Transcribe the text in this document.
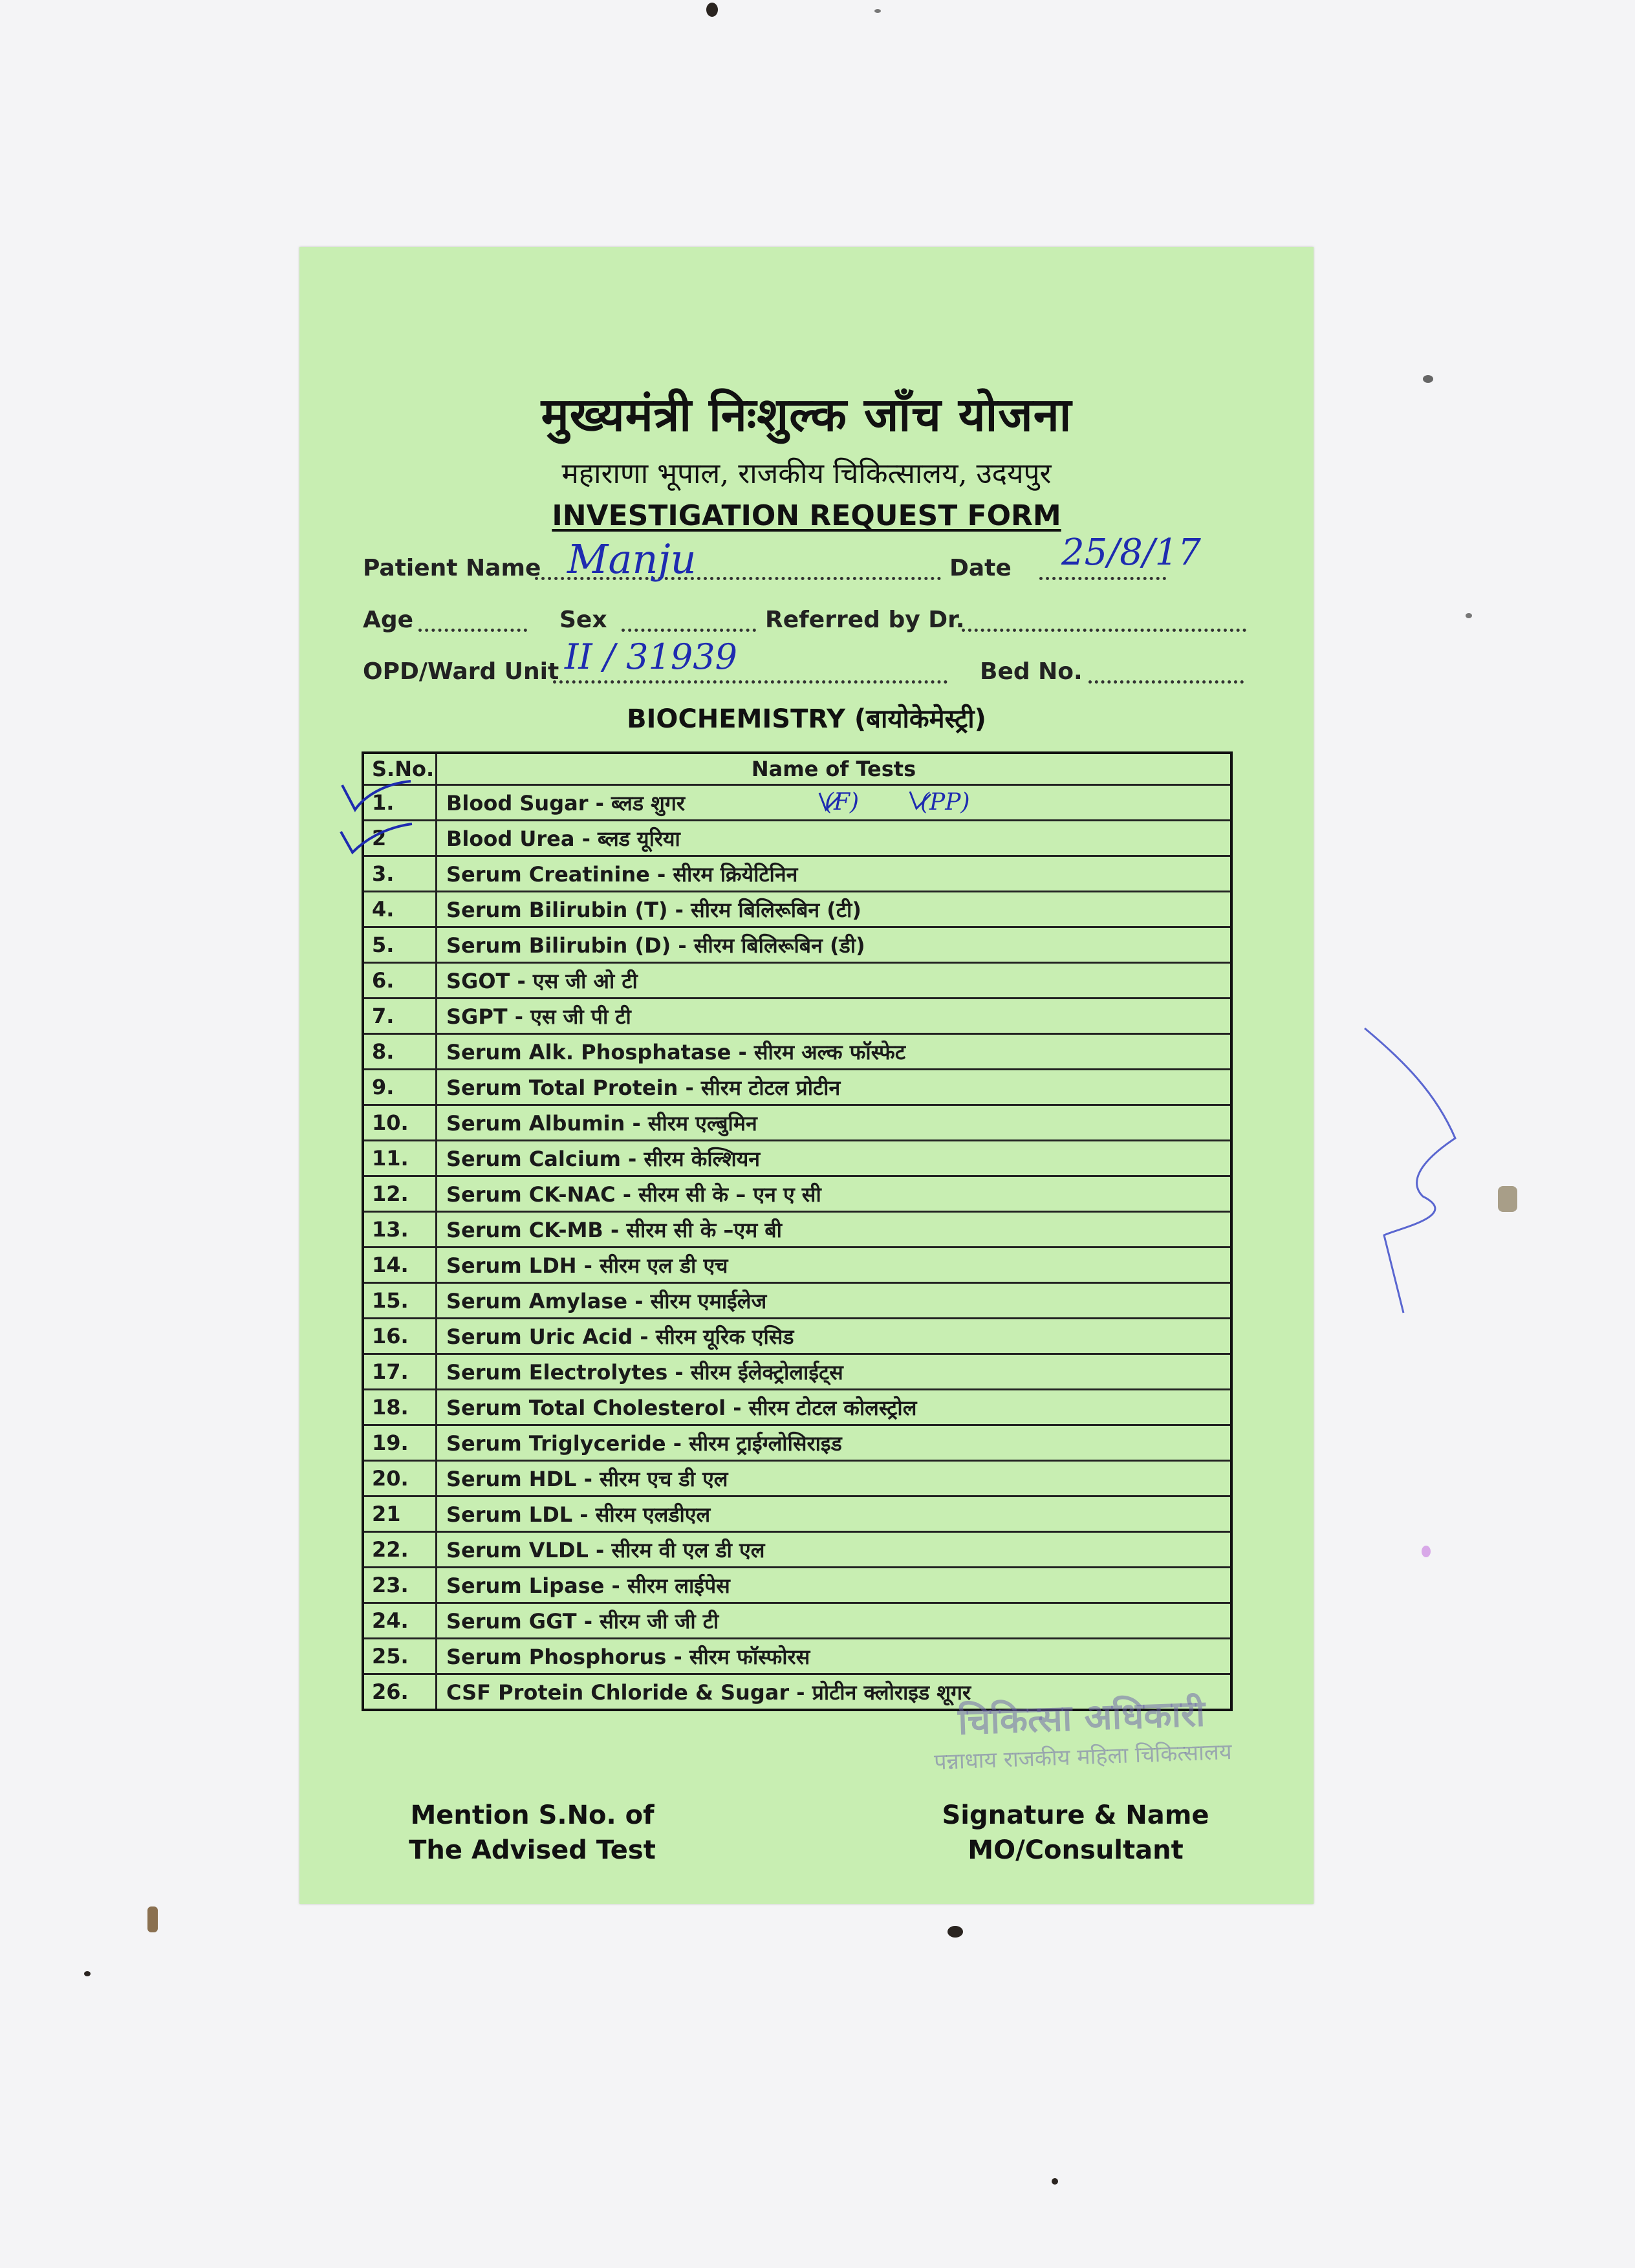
मुख्यमंत्री निःशुल्क जाँच योजना
महाराणा भूपाल, राजकीय चिकित्सालय, उदयपुर
INVESTIGATION REQUEST FORM
Patient Name Manju	Date 25/8/17
Age	Sex	Referred by Dr.
OPD/Ward Unit II / 31939	Bed No.
BIOCHEMISTRY (बायोकेमेस्ट्री)
S.No.	Name of Tests
1.	Blood Sugar - ब्लड शुगर
2	Blood Urea - ब्लड यूरिया
3.	Serum Creatinine - सीरम क्रियेटिनिन
4.	Serum Bilirubin (T) - सीरम बिलिरूबिन (टी)
5.	Serum Bilirubin (D) - सीरम बिलिरूबिन (डी)
6.	SGOT - एस जी ओ टी
7.	SGPT - एस जी पी टी
8.	Serum Alk. Phosphatase - सीरम अल्क फॉस्फेट
9.	Serum Total Protein - सीरम टोटल प्रोटीन
10.	Serum Albumin - सीरम एल्बुमिन
11.	Serum Calcium - सीरम केल्शियन
12.	Serum CK-NAC - सीरम सी के – एन ए सी
13.	Serum CK-MB - सीरम सी के –एम बी
14.	Serum LDH - सीरम एल डी एच
15.	Serum Amylase - सीरम एमाईलेज
16.	Serum Uric Acid - सीरम यूरिक एसिड
17.	Serum Electrolytes - सीरम ईलेक्ट्रोलाईट्स
18.	Serum Total Cholesterol - सीरम टोटल कोलस्ट्रोल
19.	Serum Triglyceride - सीरम ट्राईग्लोसिराइड
20.	Serum HDL - सीरम एच डी एल
21	Serum LDL - सीरम एलडीएल
22.	Serum VLDL - सीरम वी एल डी एल
23.	Serum Lipase - सीरम लाईपेस
24.	Serum GGT - सीरम जी जी टी
25.	Serum Phosphorus - सीरम फॉस्फोरस
26.	CSF Protein Chloride & Sugar - प्रोटीन क्लोराइड शूगर
(F)	(PP)
चिकित्सा अधिकारी
पन्नाधाय राजकीय महिला चिकित्सालय
Mention S.No. of
The Advised Test
Signature & Name
MO/Consultant
